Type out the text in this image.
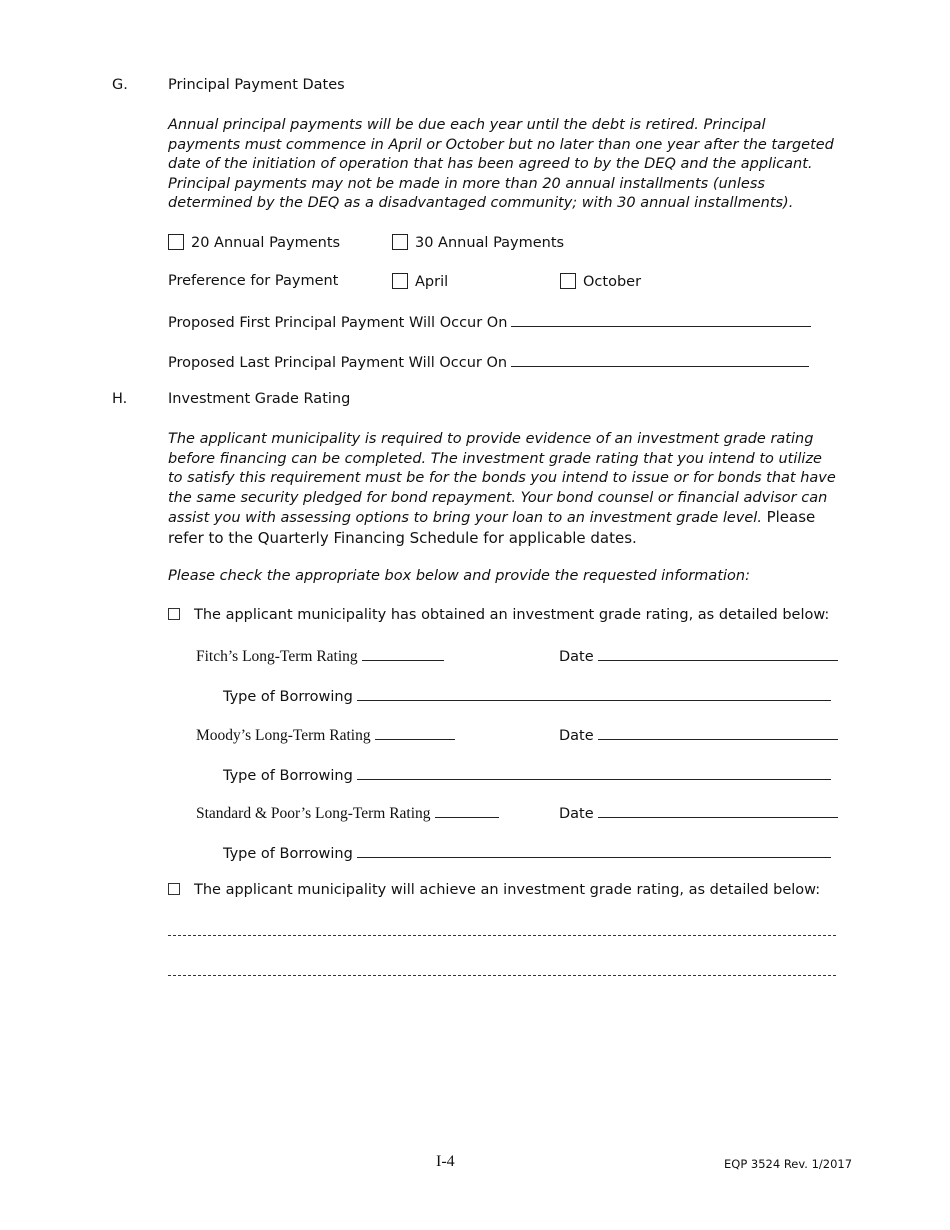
G.	Principal Payment Dates
Annual principal payments will be due each year until the debt is retired. Principal payments must commence in April or October but no later than one year after the targeted date of the initiation of operation that has been agreed to by the DEQ and the applicant. Principal payments may not be made in more than 20 annual installments (unless determined by the DEQ as a disadvantaged community; with 30 annual installments).
20 Annual Payments	30 Annual Payments
Preference for Payment	April	October
Proposed First Principal Payment Will Occur On
Proposed Last Principal Payment Will Occur On
H.	Investment Grade Rating
The applicant municipality is required to provide evidence of an investment grade rating before financing can be completed. The investment grade rating that you intend to utilize to satisfy this requirement must be for the bonds you intend to issue or for bonds that have the same security pledged for bond repayment. Your bond counsel or financial advisor can assist you with assessing options to bring your loan to an investment grade level. Please refer to the Quarterly Financing Schedule for applicable dates.
Please check the appropriate box below and provide the requested information:
The applicant municipality has obtained an investment grade rating, as detailed below:
Fitch’s Long-Term Rating	Date
Type of Borrowing
Moody’s Long-Term Rating	Date
Type of Borrowing
Standard & Poor’s Long-Term Rating	Date
Type of Borrowing
The applicant municipality will achieve an investment grade rating, as detailed below:
I-4	EQP 3524 Rev. 1/2017
